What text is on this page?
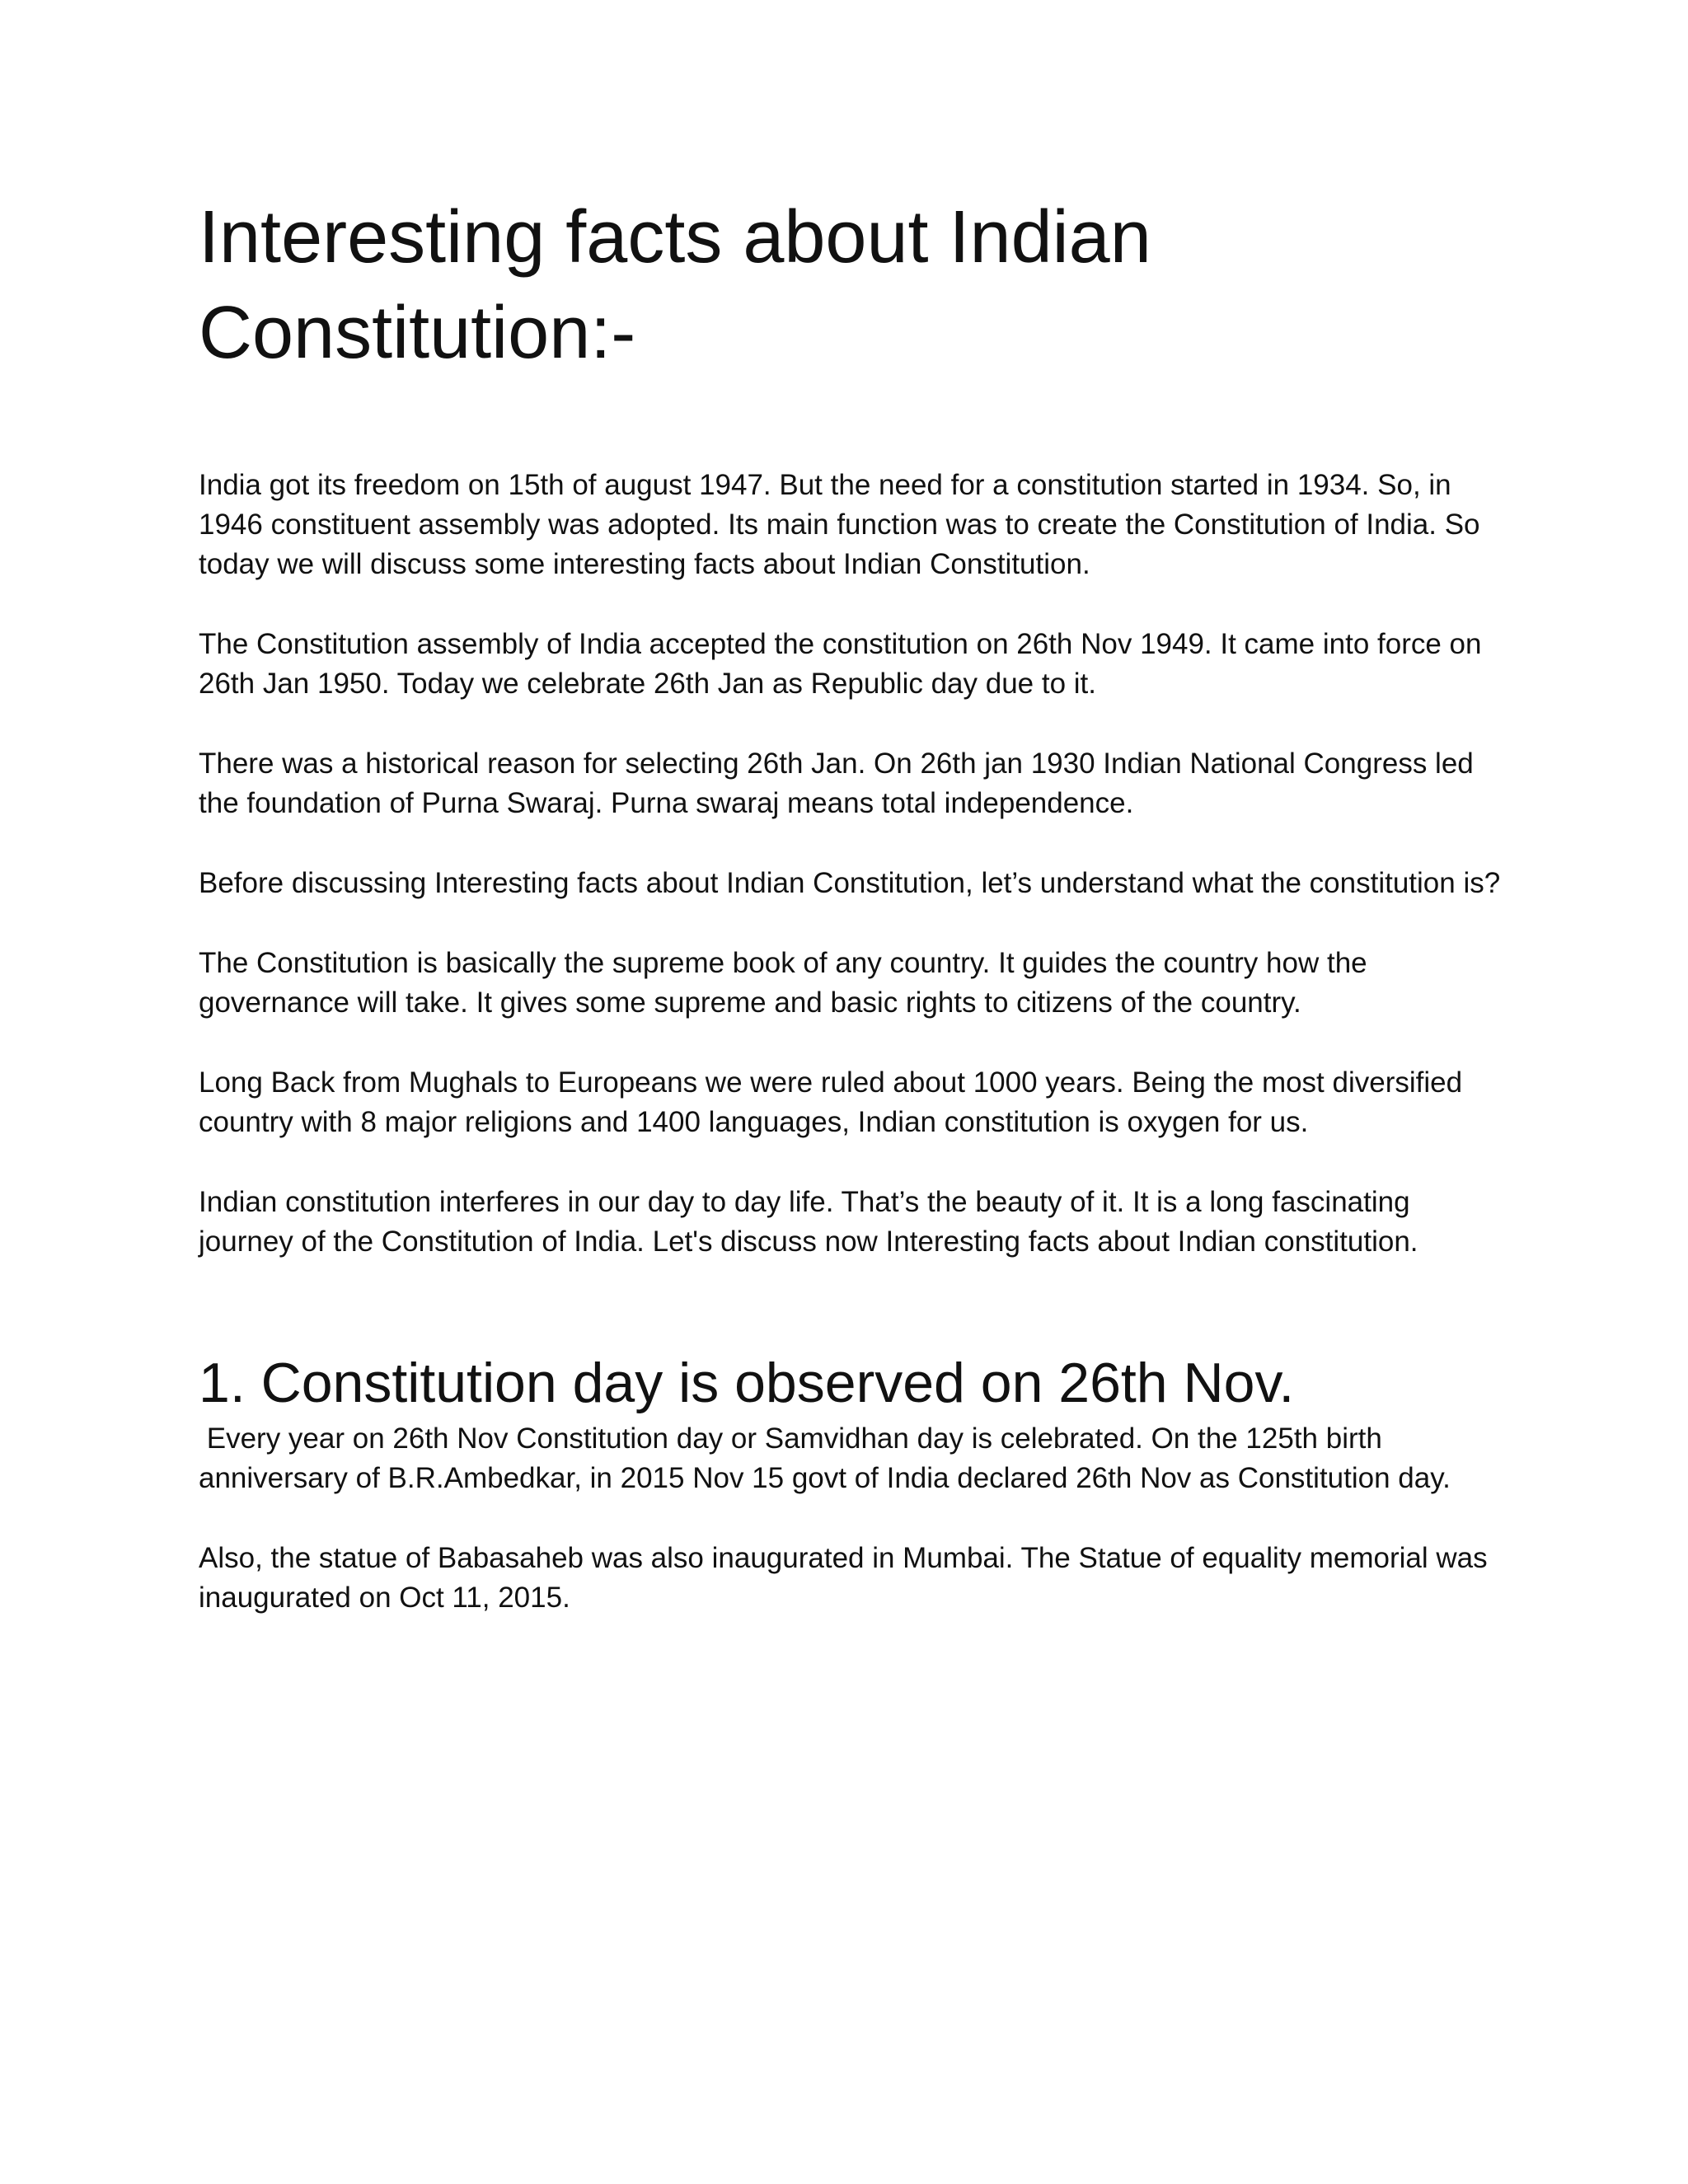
Interesting facts about Indian Constitution:-

India got its freedom on 15th of august 1947. But the need for a constitution started in 1934. So, in 1946 constituent assembly was adopted. Its main function was to create the Constitution of India. So today we will discuss some interesting facts about Indian Constitution.

The Constitution assembly of India accepted the constitution on 26th Nov 1949. It came into force on 26th Jan 1950. Today we celebrate 26th Jan as Republic day due to it.

There was a historical reason for selecting 26th Jan. On 26th jan 1930 Indian National Congress led the foundation of Purna Swaraj. Purna swaraj means total independence.

Before discussing Interesting facts about Indian Constitution, let’s understand what the constitution is?

The Constitution is basically the supreme book of any country. It guides the country how the governance will take. It gives some supreme and basic rights to citizens of the country.

Long Back from Mughals to Europeans we were ruled about 1000 years. Being the most diversified country with 8 major religions and 1400 languages, Indian constitution is oxygen for us.

Indian constitution interferes in our day to day life. That’s the beauty of it. It is a long fascinating journey of the Constitution of India. Let's discuss now Interesting facts about Indian constitution.

1. Constitution day is observed on 26th Nov.

Every year on 26th Nov Constitution day or Samvidhan day is celebrated. On the 125th birth anniversary of B.R.Ambedkar, in 2015 Nov 15 govt of India declared 26th Nov as Constitution day.

Also, the statue of Babasaheb was also inaugurated in Mumbai. The Statue of equality memorial was inaugurated on Oct 11, 2015.
